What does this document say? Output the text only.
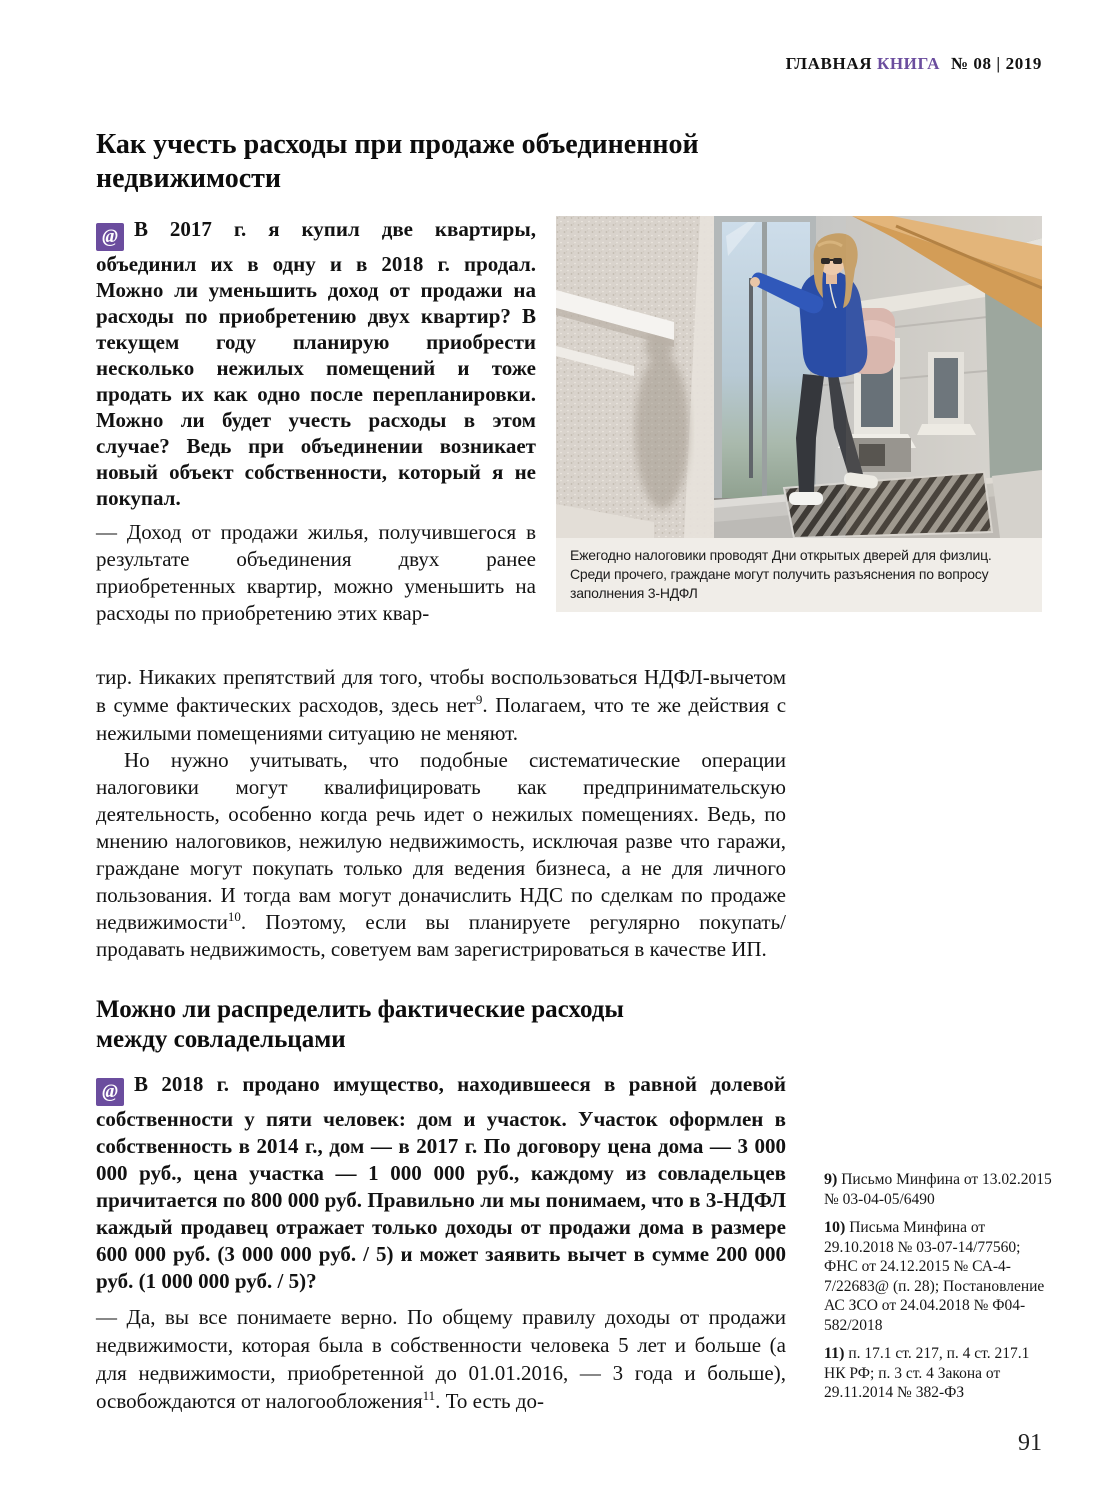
ГЛАВНАЯ КНИГА № 08 | 2019
Как учесть расходы при продаже объединенной недвижимости

@ В 2017 г. я купил две квартиры, объединил их в одну и в 2018 г. продал. Можно ли уменьшить доход от продажи на расходы по приобретению двух квартир? В текущем году планирую приобрести несколько нежилых помещений и тоже продать их как одно после перепланировки. Можно ли будет учесть расходы в этом случае? Ведь при объединении возникает новый объект собственности, который я не покупал.

— Доход от продажи жилья, получившегося в результате объединения двух ранее приобретенных квартир, можно уменьшить на расходы по приобретению этих квар-

Ежегодно налоговики проводят Дни открытых дверей для физлиц. Среди прочего, граждане могут получить разъяснения по вопросу заполнения 3-НДФЛ

тир. Никаких препятствий для того, чтобы воспользоваться НДФЛ-вычетом в сумме фактических расходов, здесь нет$^9$. Полагаем, что те же действия с нежилыми помещениями ситуацию не меняют.

Но нужно учитывать, что подобные систематические операции налоговики могут квалифицировать как предпринимательскую деятельность, особенно когда речь идет о нежилых помещениях. Ведь, по мнению налоговиков, нежилую недвижимость, исключая разве что гаражи, граждане могут покупать только для ведения бизнеса, а не для личного пользования. И тогда вам могут доначислить НДС по сделкам по продаже недвижимости$^{10}$. Поэтому, если вы планируете регулярно покупать/продавать недвижимость, советуем вам зарегистрироваться в качестве ИП.

Можно ли распределить фактические расходы между совладельцами

@ В 2018 г. продано имущество, находившееся в равной долевой собственности у пяти человек: дом и участок. Участок оформлен в собственность в 2014 г., дом — в 2017 г. По договору цена дома — 3 000 000 руб., цена участка — 1 000 000 руб., каждому из совладельцев причитается по 800 000 руб. Правильно ли мы понимаем, что в 3-НДФЛ каждый продавец отражает только доходы от продажи дома в размере 600 000 руб. (3 000 000 руб. / 5) и может заявить вычет в сумме 200 000 руб. (1 000 000 руб. / 5)?

— Да, вы все понимаете верно. По общему правилу доходы от продажи недвижимости, которая была в собственности человека 5 лет и больше (а для недвижимости, приобретенной до 01.01.2016, — 3 года и больше), освобождаются от налогообложения$^{11}$. То есть до-

9) Письмо Минфина от 13.02.2015 № 03-04-05/6490

10) Письма Минфина от 29.10.2018 № 03-07-14/77560; ФНС от 24.12.2015 № СА-4-7/22683@ (п. 28); Постановление АС ЗСО от 24.04.2018 № Ф04-582/2018

11) п. 17.1 ст. 217, п. 4 ст. 217.1 НК РФ; п. 3 ст. 4 Закона от 29.11.2014 № 382-ФЗ

91
